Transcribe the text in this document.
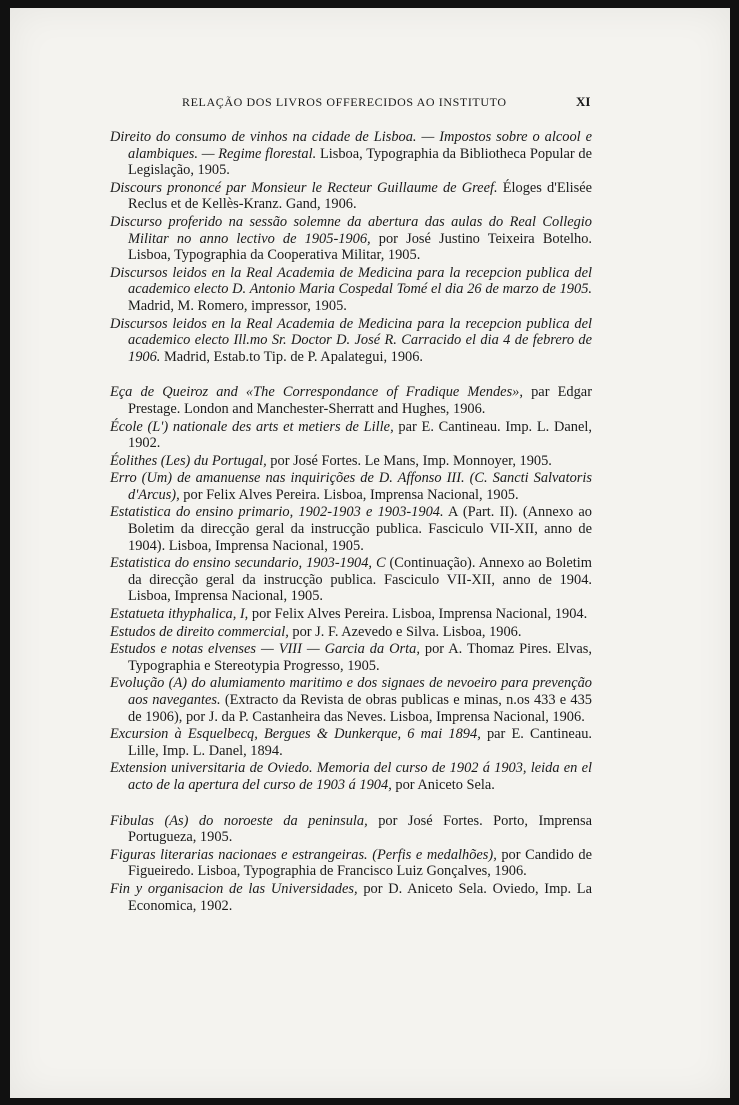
RELAÇÃO DOS LIVROS OFFERECIDOS AO INSTITUTO	XI

Direito do consumo de vinhos na cidade de Lisboa. — Impostos sobre o alcool e alambiques. — Regime florestal. Lisboa, Typographia da Bibliotheca Popular de Legislação, 1905.

Discours prononcé par Monsieur le Recteur Guillaume de Greef. Éloges d'Elisée Reclus et de Kellès-Kranz. Gand, 1906.

Discurso proferido na sessão solemne da abertura das aulas do Real Collegio Militar no anno lectivo de 1905-1906, por José Justino Teixeira Botelho. Lisboa, Typographia da Cooperativa Militar, 1905.

Discursos leidos en la Real Academia de Medicina para la recepcion publica del academico electo D. Antonio Maria Cospedal Tomé el dia 26 de marzo de 1905. Madrid, M. Romero, impressor, 1905.

Discursos leidos en la Real Academia de Medicina para la recepcion publica del academico electo Ill.mo Sr. Doctor D. José R. Carracido el dia 4 de febrero de 1906. Madrid, Estab.to Tip. de P. Apalategui, 1906.

Eça de Queiroz and «The Correspondance of Fradique Mendes», par Edgar Prestage. London and Manchester-Sherratt and Hughes, 1906.

École (L') nationale des arts et metiers de Lille, par E. Cantineau. Imp. L. Danel, 1902.

Éolithes (Les) du Portugal, por José Fortes. Le Mans, Imp. Monnoyer, 1905.

Erro (Um) de amanuense nas inquirições de D. Affonso III. (C. Sancti Salvatoris d'Arcus), por Felix Alves Pereira. Lisboa, Imprensa Nacional, 1905.

Estatistica do ensino primario, 1902-1903 e 1903-1904. A (Part. II). (Annexo ao Boletim da direcção geral da instrucção publica. Fasciculo VII-XII, anno de 1904). Lisboa, Imprensa Nacional, 1905.

Estatistica do ensino secundario, 1903-1904, C (Continuação). Annexo ao Boletim da direcção geral da instrucção publica. Fasciculo VII-XII, anno de 1904. Lisboa, Imprensa Nacional, 1905.

Estatueta ithyphalica, I, por Felix Alves Pereira. Lisboa, Imprensa Nacional, 1904.

Estudos de direito commercial, por J. F. Azevedo e Silva. Lisboa, 1906.

Estudos e notas elvenses — VIII — Garcia da Orta, por A. Thomaz Pires. Elvas, Typographia e Stereotypia Progresso, 1905.

Evolução (A) do alumiamento maritimo e dos signaes de nevoeiro para prevenção aos navegantes. (Extracto da Revista de obras publicas e minas, n.os 433 e 435 de 1906), por J. da P. Castanheira das Neves. Lisboa, Imprensa Nacional, 1906.

Excursion à Esquelbecq, Bergues & Dunkerque, 6 mai 1894, par E. Cantineau. Lille, Imp. L. Danel, 1894.

Extension universitaria de Oviedo. Memoria del curso de 1902 á 1903, leida en el acto de la apertura del curso de 1903 á 1904, por Aniceto Sela.

Fibulas (As) do noroeste da peninsula, por José Fortes. Porto, Imprensa Portugueza, 1905.

Figuras literarias nacionaes e estrangeiras. (Perfis e medalhões), por Candido de Figueiredo. Lisboa, Typographia de Francisco Luiz Gonçalves, 1906.

Fin y organisacion de las Universidades, por D. Aniceto Sela. Oviedo, Imp. La Economica, 1902.
